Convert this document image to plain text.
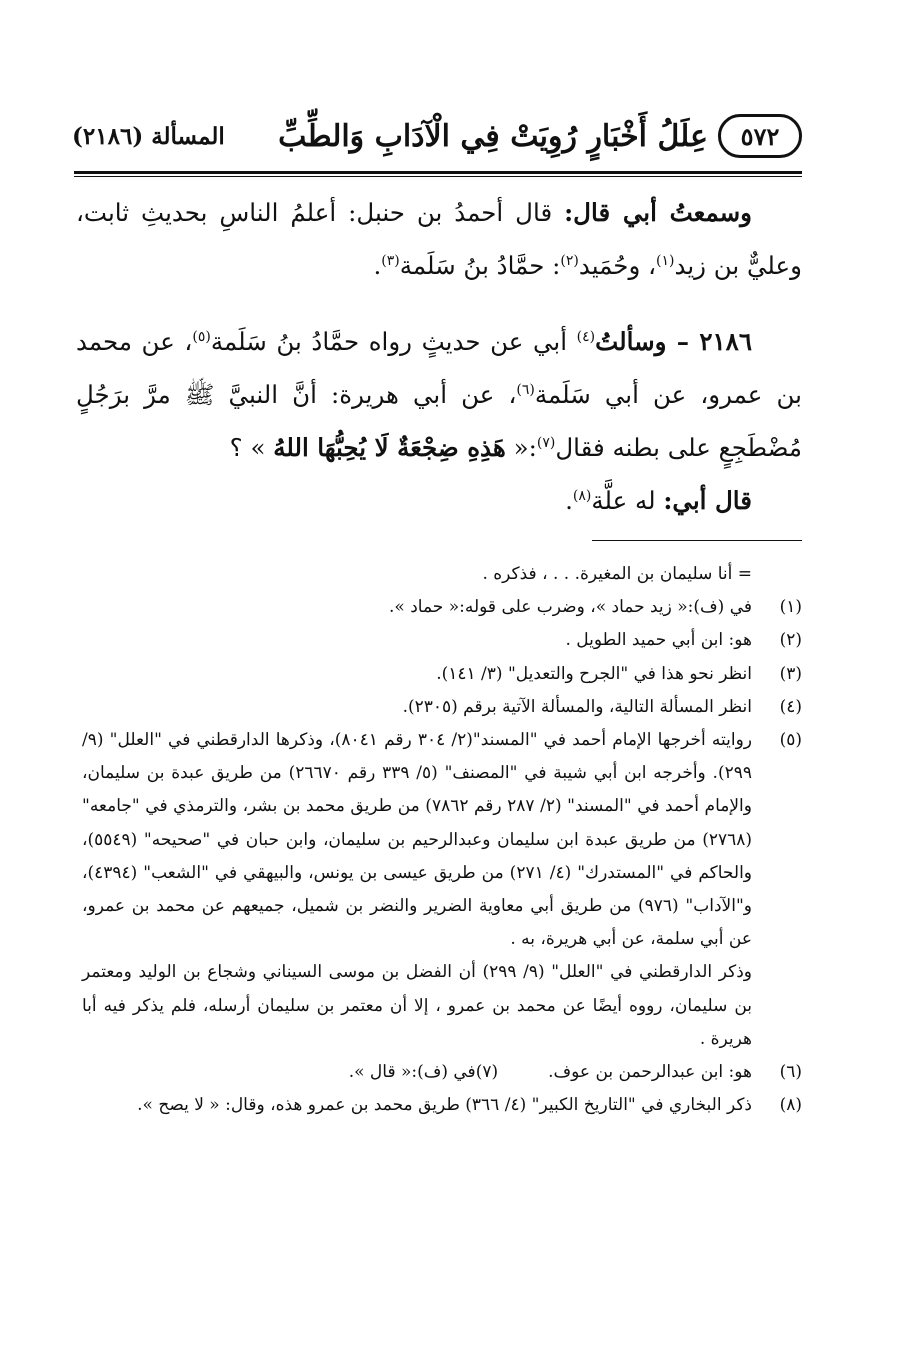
٥٧٢
عِلَلُ أَخْبَارٍ رُوِيَتْ فِي الْآدَابِ وَالطِّبِّ
المسألة (٢١٨٦)

وسمعتُ أبي قال: قال أحمدُ بن حنبل: أعلمُ الناسِ بحديثِ ثابت، وعليٌّ بن زيد$^{(١)}$، وحُمَيد$^{(٢)}$: حمَّادُ بنُ سَلَمة$^{(٣)}$.

٢١٨٦ – وسألتُ$^{(٤)}$ أبي عن حديثٍ رواه حمَّادُ بنُ سَلَمة$^{(٥)}$، عن محمد بن عمرو، عن أبي سَلَمة$^{(٦)}$، عن أبي هريرة: أنَّ النبيَّ ﷺ مرَّ برَجُلٍ مُضْطَجِعٍ على بطنه فقال$^{(٧)}$:« هَذِهِ ضِجْعَةٌ لَا يُحِبُّهَا اللهُ » ؟

قال أبي: له علَّة$^{(٨)}$.

= أنا سليمان بن المغيرة. . . ، فذكره .

(١)
في (ف):« زيد حماد »، وضرب على قوله:« حماد ».

(٢)
هو: ابن أبي حميد الطويل .

(٣)
انظر نحو هذا في "الجرح والتعديل" (٣/ ١٤١).

(٤)
انظر المسألة التالية، والمسألة الآتية برقم (٢٣٠٥).

(٥)
روايته أخرجها الإمام أحمد في "المسند"(٢/ ٣٠٤ رقم ٨٠٤١)، وذكرها الدارقطني في "العلل" (٩/ ٢٩٩). وأخرجه ابن أبي شيبة في "المصنف" (٥/ ٣٣٩ رقم ٢٦٦٧٠) من طريق عبدة بن سليمان، والإمام أحمد في "المسند" (٢/ ٢٨٧ رقم ٧٨٦٢) من طريق محمد بن بشر، والترمذي في "جامعه" (٢٧٦٨) من طريق عبدة ابن سليمان وعبدالرحيم بن سليمان، وابن حبان في "صحيحه" (٥٥٤٩)، والحاكم في "المستدرك" (٤/ ٢٧١) من طريق عيسى بن يونس، والبيهقي في "الشعب" (٤٣٩٤)، و"الآداب" (٩٧٦) من طريق أبي معاوية الضرير والنضر بن شميل، جميعهم عن محمد بن عمرو، عن أبي سلمة، عن أبي هريرة، به .

وذكر الدارقطني في "العلل" (٩/ ٢٩٩) أن الفضل بن موسى السيناني وشجاع بن الوليد ومعتمر بن سليمان، رووه أيضًا عن محمد بن عمرو ، إلا أن معتمر بن سليمان أرسله، فلم يذكر فيه أبا هريرة .

(٦)
هو: ابن عبدالرحمن بن عوف.
(٧)
في (ف):« قال ».

(٨)
ذكر البخاري في "التاريخ الكبير" (٤/ ٣٦٦) طريق محمد بن عمرو هذه، وقال: « لا يصح ».
